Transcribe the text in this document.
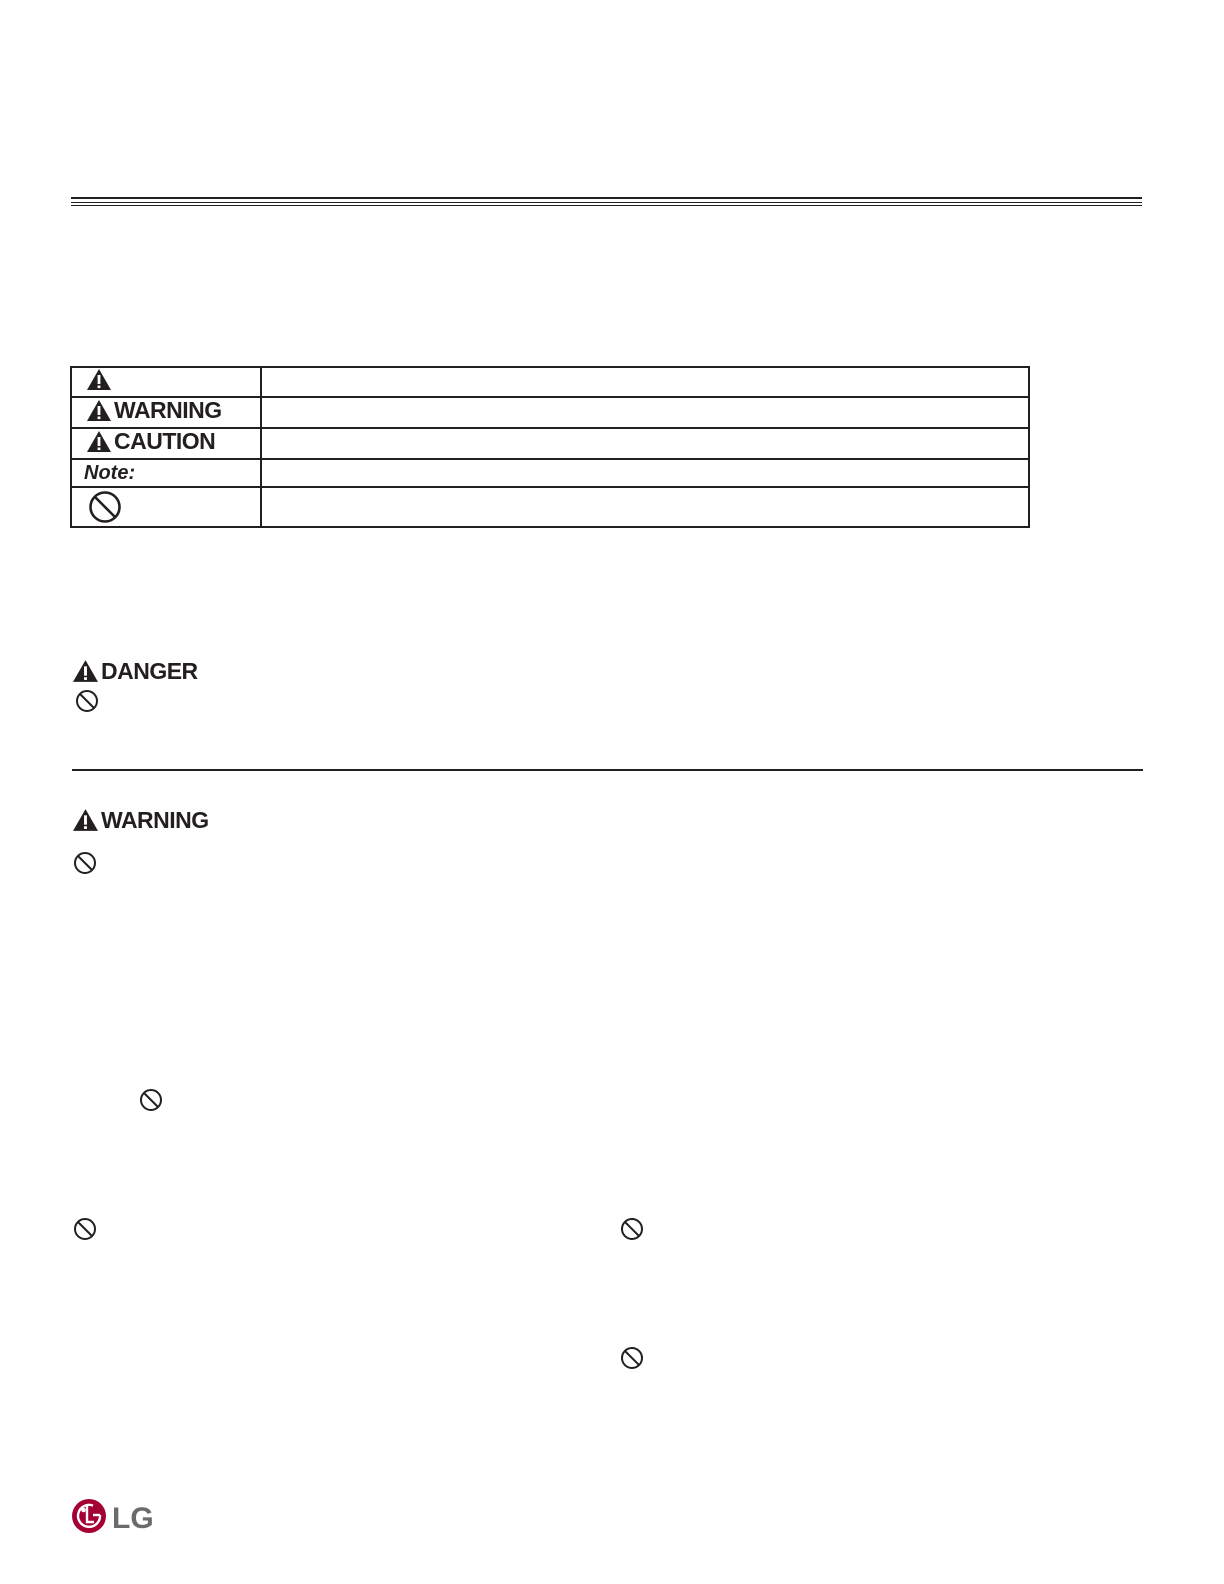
WARNING	

CAUTION	

Note:	

DANGER
WARNING
LG
